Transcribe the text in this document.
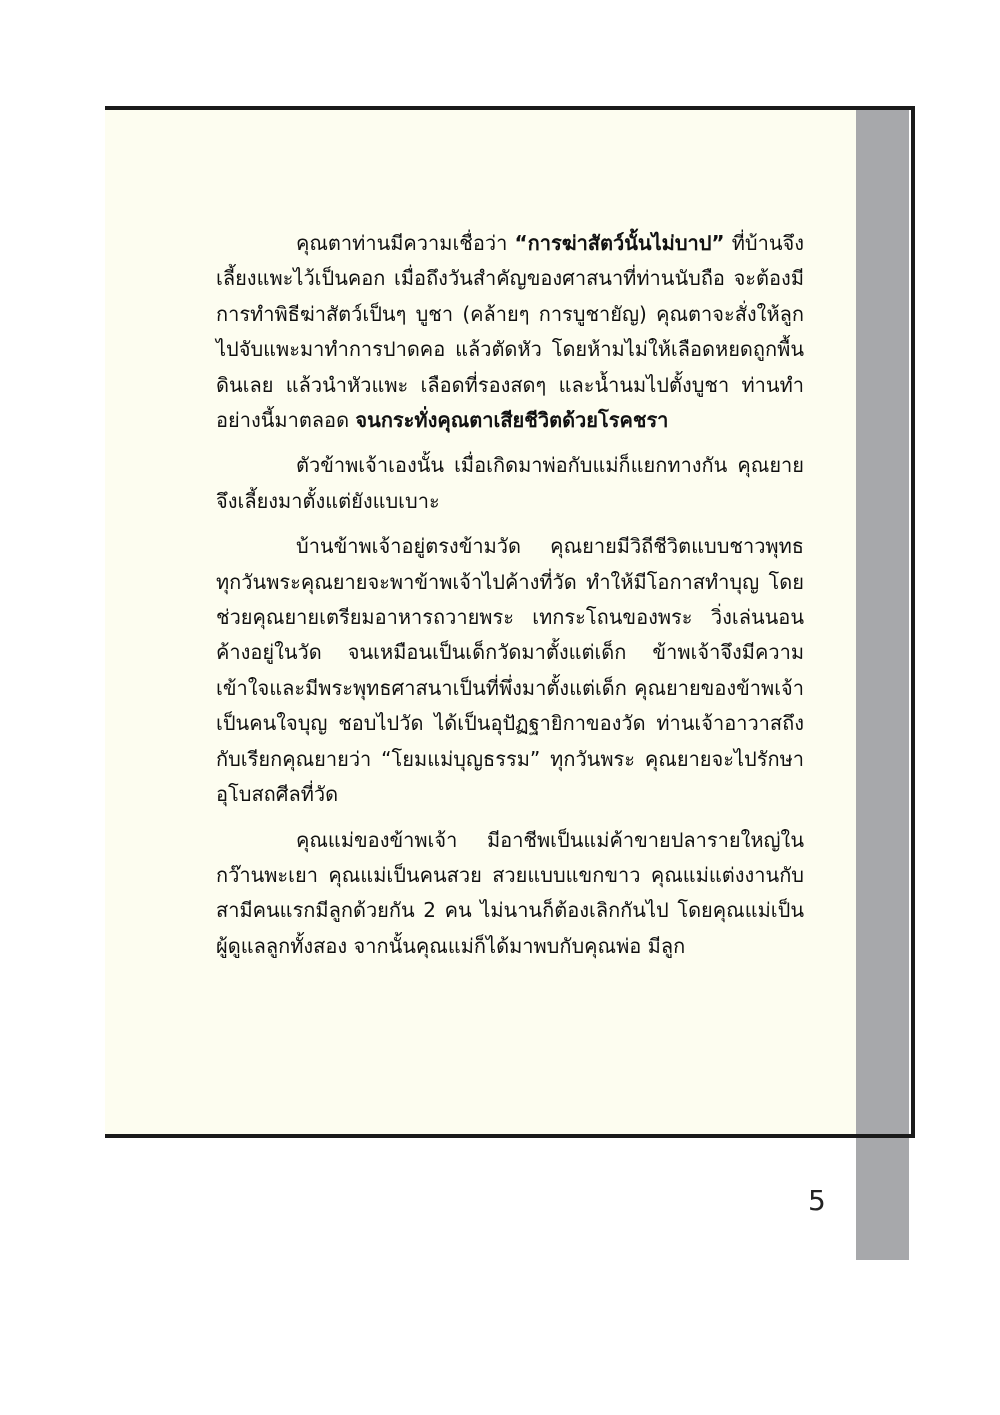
คุณตาท่านมีความเชื่อว่า “การฆ่าสัตว์นั้นไม่บาป” ที่บ้านจึงเลี้ยงแพะไว้เป็นคอก เมื่อถึงวันสำคัญของศาสนาที่ท่านนับถือ จะต้องมีการทำพิธีฆ่าสัตว์เป็นๆ บูชา (คล้ายๆ การบูชายัญ) คุณตาจะสั่งให้ลูกไปจับแพะมาทำการปาดคอ แล้วตัดหัว โดยห้ามไม่ให้เลือดหยดถูกพื้นดินเลย แล้วนำหัวแพะ เลือดที่รองสดๆ และน้ำนมไปตั้งบูชา ท่านทำอย่างนี้มาตลอด จนกระทั่งคุณตาเสียชีวิตด้วยโรคชรา

ตัวข้าพเจ้าเองนั้น เมื่อเกิดมาพ่อกับแม่ก็แยกทางกัน คุณยายจึงเลี้ยงมาตั้งแต่ยังแบเบาะ

บ้านข้าพเจ้าอยู่ตรงข้ามวัด คุณยายมีวิถีชีวิตแบบชาวพุทธ ทุกวันพระคุณยายจะพาข้าพเจ้าไปค้างที่วัด ทำให้มีโอกาสทำบุญ โดยช่วยคุณยายเตรียมอาหารถวายพระ เทกระโถนของพระ วิ่งเล่นนอนค้างอยู่ในวัด จนเหมือนเป็นเด็กวัดมาตั้งแต่เด็ก ข้าพเจ้าจึงมีความเข้าใจและมีพระพุทธศาสนาเป็นที่พึ่งมาตั้งแต่เด็ก คุณยายของข้าพเจ้าเป็นคนใจบุญ ชอบไปวัด ได้เป็นอุปัฏฐายิกาของวัด ท่านเจ้าอาวาสถึงกับเรียกคุณยายว่า “โยมแม่บุญธรรม” ทุกวันพระ คุณยายจะไปรักษาอุโบสถศีลที่วัด

คุณแม่ของข้าพเจ้า มีอาชีพเป็นแม่ค้าขายปลารายใหญ่ในกว๊านพะเยา คุณแม่เป็นคนสวย สวยแบบแขกขาว คุณแม่แต่งงานกับสามีคนแรกมีลูกด้วยกัน 2 คน ไม่นานก็ต้องเลิกกันไป โดยคุณแม่เป็นผู้ดูแลลูกทั้งสอง จากนั้นคุณแม่ก็ได้มาพบกับคุณพ่อ มีลูก

5
